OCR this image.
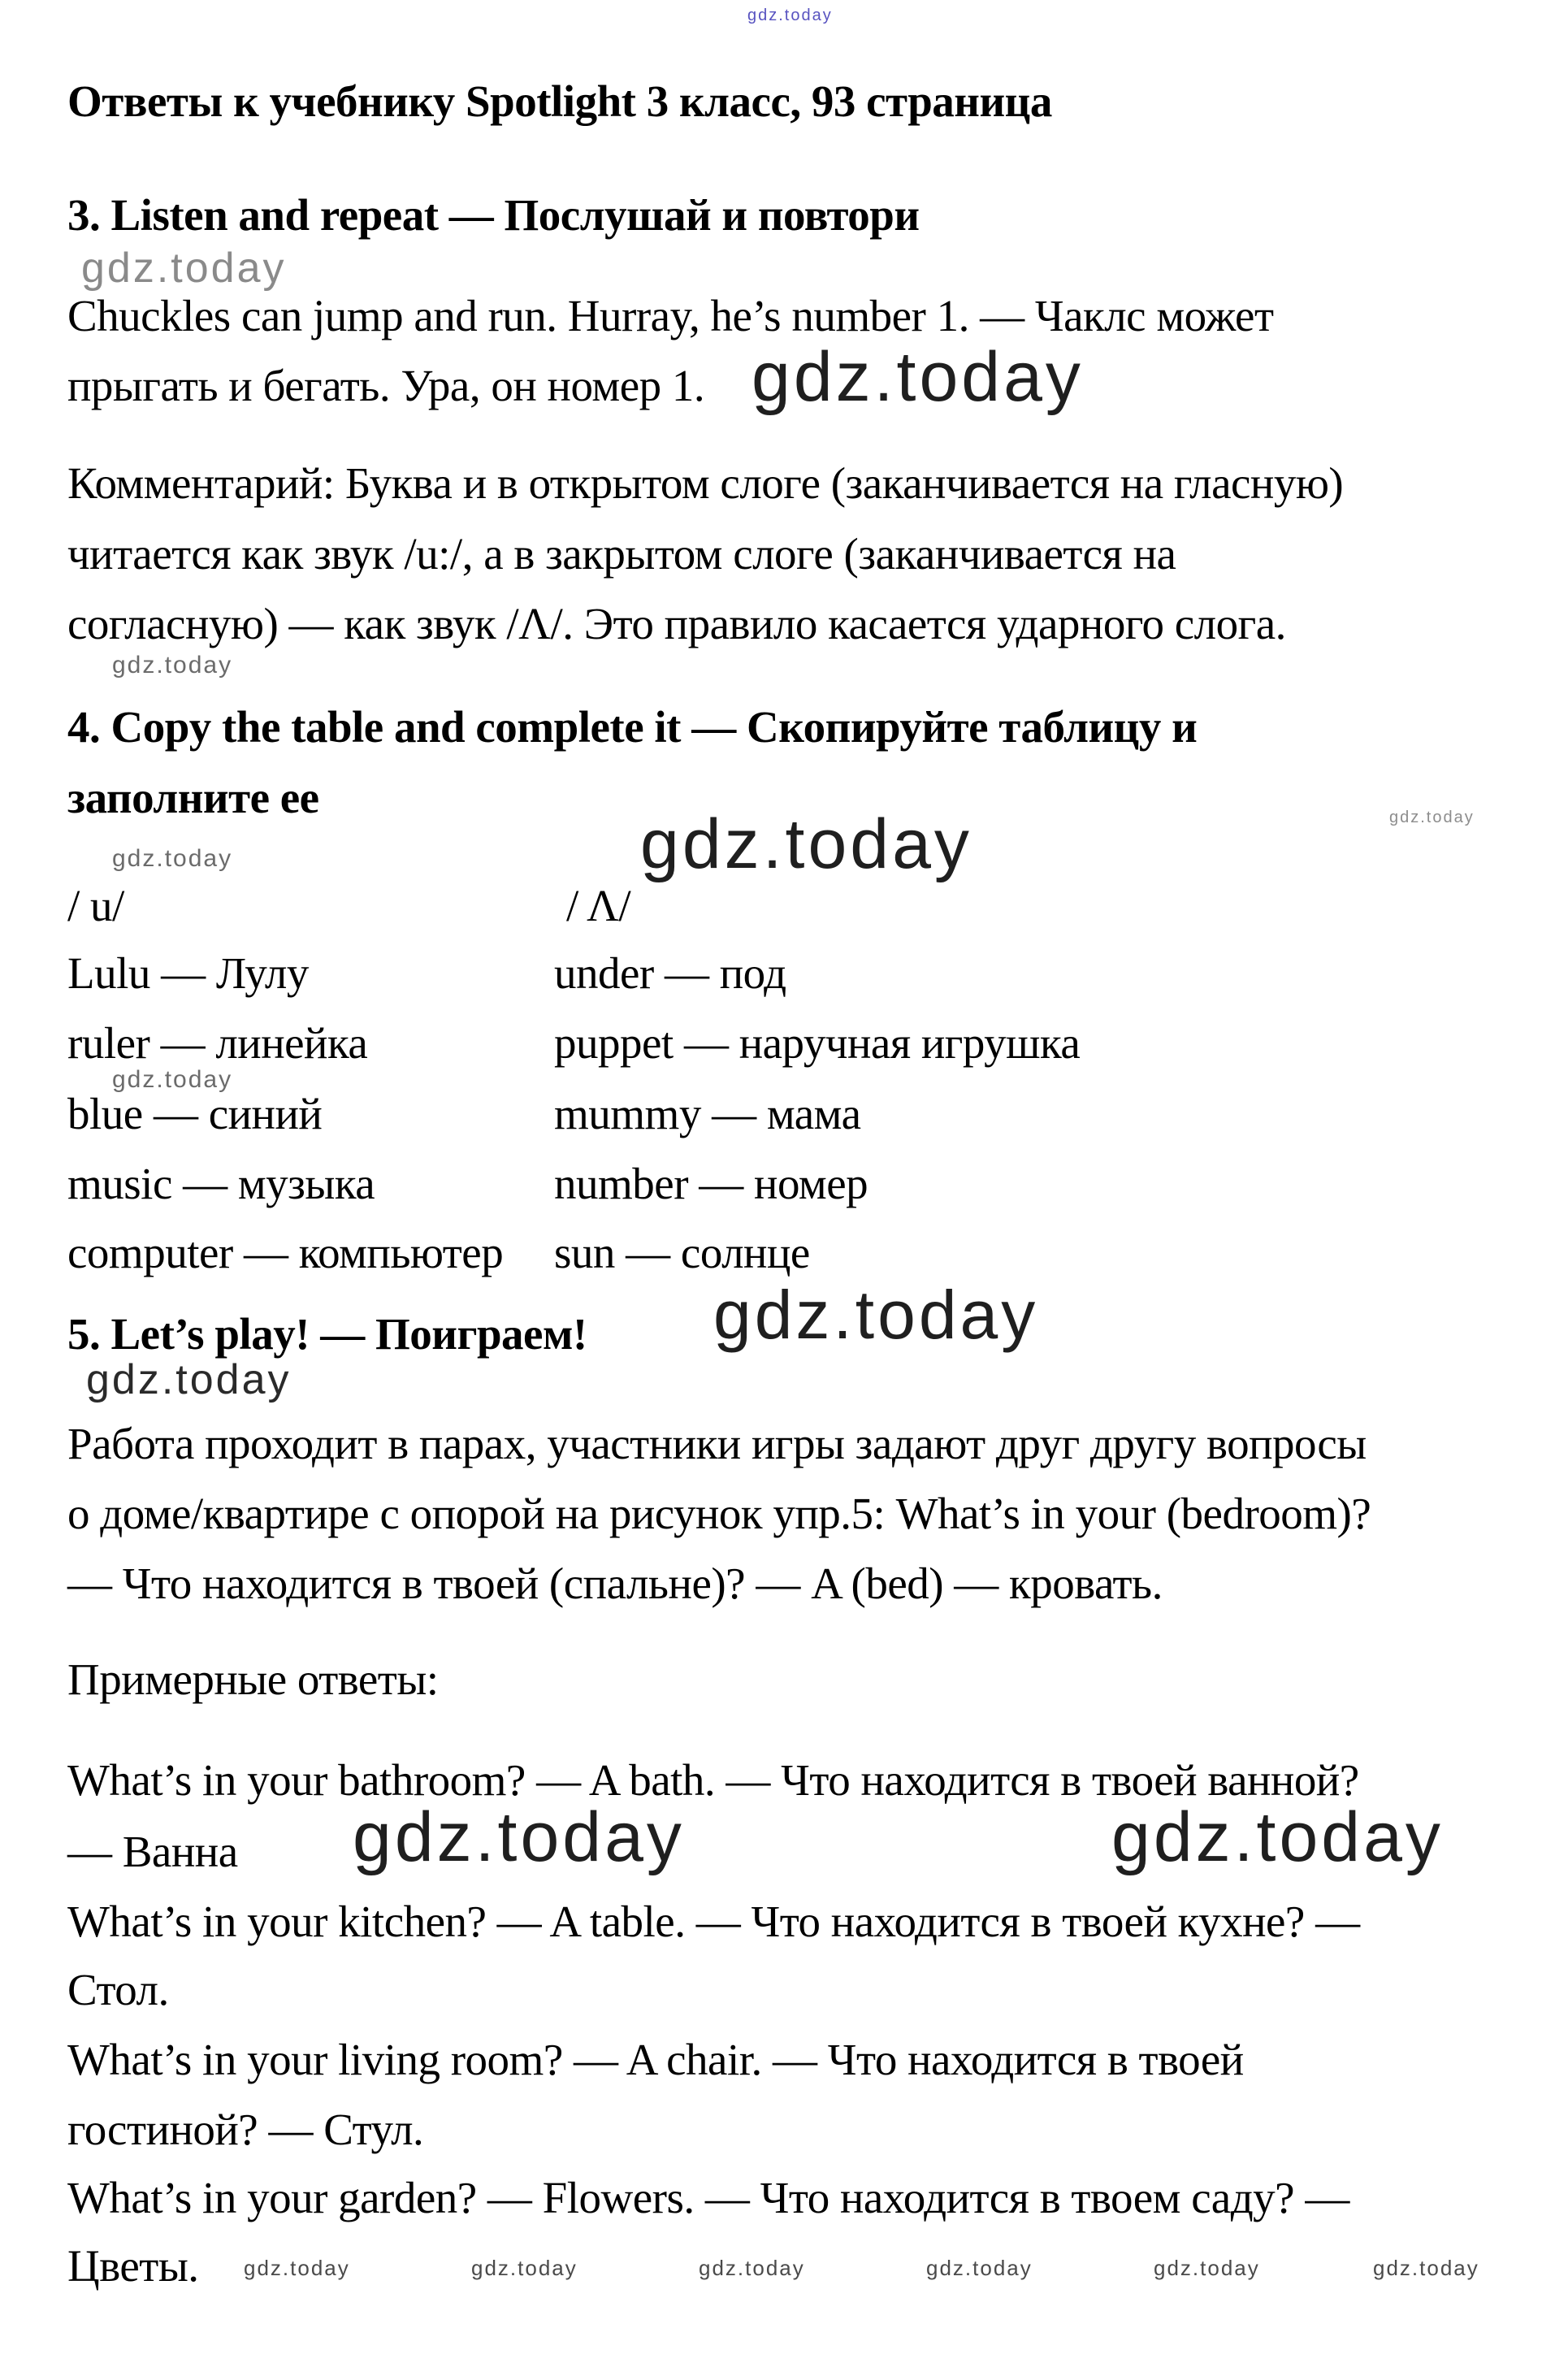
gdz.today
Ответы к учебнику Spotlight 3 класс, 93 страница
3. Listen and repeat — Послушай и повтори
gdz.today
Chuckles can jump and run. Hurray, he’s number 1. — Чаклс может
прыгать и бегать. Ура, он номер 1. gdz.today
Комментарий: Буква и в открытом слоге (заканчивается на гласную)
читается как звук /u:/, а в закрытом слоге (заканчивается на
согласную) — как звук /Λ/. Это правило касается ударного слога.
gdz.today
4. Copy the table and complete it — Скопируйте таблицу и
заполните ее	gdz.today
gdz.today
gdz.today
/ u/	/ Λ/
Lulu — Лулу	under — под
ruler — линейка	puppet — наручная игрушка
gdz.today
blue — синий	mummy — мама
music — музыка	number — номер
computer — компьютер sun — солнце
gdz.today
5. Let’s play! — Поиграем!
gdz.today
Работа проходит в парах, участники игры задают друг другу вопросы
о доме/квартире с опорой на рисунок упр.5: What’s in your (bedroom)?
— Что находится в твоей (спальне)? — A (bed) — кровать.
Примерные ответы:
What’s in your bathroom? — A bath. — Что находится в твоей ванной?
gdz.today	gdz.today
— Ванна
What’s in your kitchen? — A table. — Что находится в твоей кухне? —
Стол.
What’s in your living room? — A chair. — Что находится в твоей
гостиной? — Стул.
What’s in your garden? — Flowers. — Что находится в твоем саду? —
Цветы. gdz.today	gdz.today	gdz.today	gdz.today	gdz.today	gdz.today
